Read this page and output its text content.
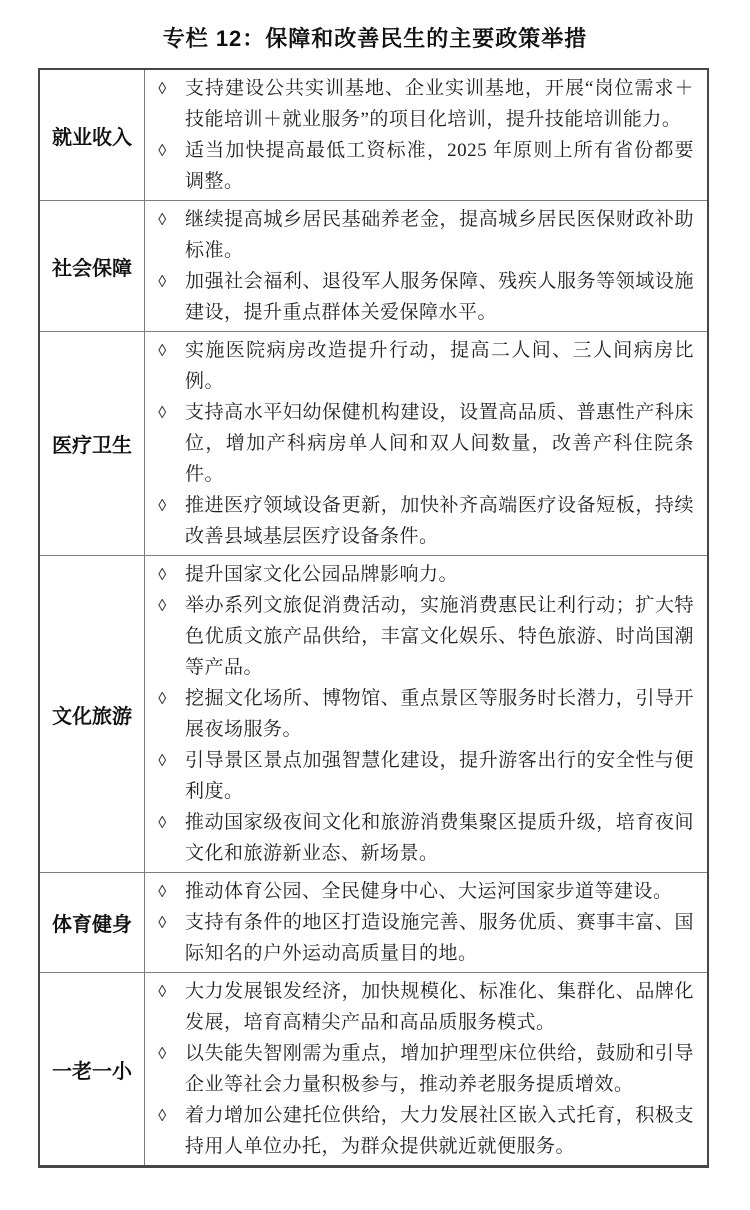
专栏 12：保障和改善民生的主要政策举措
就业收入
◊ 支持建设公共实训基地、企业实训基地，开展“岗位需求＋技能培训＋就业服务”的项目化培训，提升技能培训能力。
◊ 适当加快提高最低工资标准，2025 年原则上所有省份都要调整。
社会保障
◊ 继续提高城乡居民基础养老金，提高城乡居民医保财政补助标准。
◊ 加强社会福利、退役军人服务保障、残疾人服务等领域设施建设，提升重点群体关爱保障水平。
医疗卫生
◊ 实施医院病房改造提升行动，提高二人间、三人间病房比例。
◊ 支持高水平妇幼保健机构建设，设置高品质、普惠性产科床位，增加产科病房单人间和双人间数量，改善产科住院条件。
◊ 推进医疗领域设备更新，加快补齐高端医疗设备短板，持续改善县域基层医疗设备条件。
文化旅游
◊ 提升国家文化公园品牌影响力。
◊ 举办系列文旅促消费活动，实施消费惠民让利行动；扩大特色优质文旅产品供给，丰富文化娱乐、特色旅游、时尚国潮等产品。
◊ 挖掘文化场所、博物馆、重点景区等服务时长潜力，引导开展夜场服务。
◊ 引导景区景点加强智慧化建设，提升游客出行的安全性与便利度。
◊ 推动国家级夜间文化和旅游消费集聚区提质升级，培育夜间文化和旅游新业态、新场景。
体育健身
◊ 推动体育公园、全民健身中心、大运河国家步道等建设。
◊ 支持有条件的地区打造设施完善、服务优质、赛事丰富、国际知名的户外运动高质量目的地。
一老一小
◊ 大力发展银发经济，加快规模化、标准化、集群化、品牌化发展，培育高精尖产品和高品质服务模式。
◊ 以失能失智刚需为重点，增加护理型床位供给，鼓励和引导企业等社会力量积极参与，推动养老服务提质增效。
◊ 着力增加公建托位供给，大力发展社区嵌入式托育，积极支持用人单位办托，为群众提供就近就便服务。
